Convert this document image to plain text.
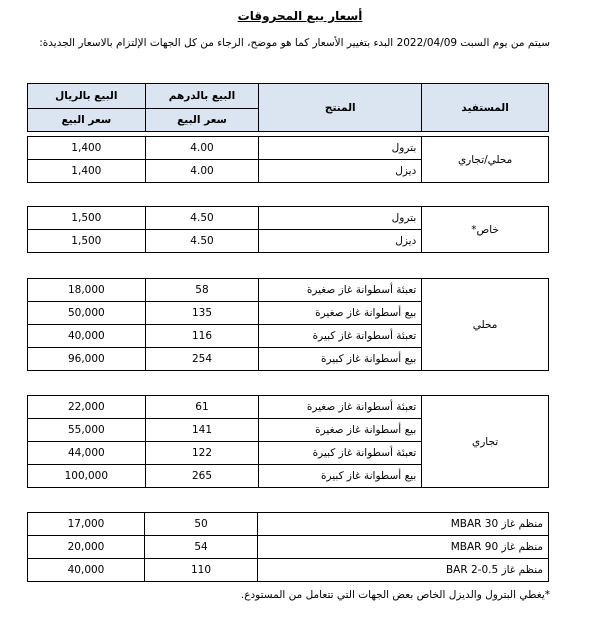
أسعار بيع المحروقات
سيتم من يوم السبت 2022/04/09 البدء بتغيير الأسعار كما هو موضح، الرجاء من كل الجهات الإلتزام بالاسعار الجديدة:
البيع بالريال	البيع بالدرهم	المنتج	المستفيد
سعر البيع	سعر البيع		
1,400	4.00	بترول	محلي/تجاري
1,400	4.00	ديزل	
1,500	4.50	بترول	خاص*
1,500	4.50	ديزل	
18,000	58	تعبئة أسطوانة غاز صغيرة	محلي
50,000	135	بيع أسطوانة غاز صغيرة	
40,000	116	تعبئة أسطوانة غاز كبيرة	
96,000	254	بيع أسطوانة غاز كبيرة	
22,000	61	تعبئة أسطوانة غاز صغيرة	تجاري
55,000	141	بيع أسطوانة غاز صغيرة	
44,000	122	تعبئة أسطوانة غاز كبيرة	
100,000	265	بيع أسطوانة غاز كبيرة	
17,000	50	منظم غاز MBAR 30
20,000	54	منظم غاز MBAR 90
40,000	110	منظم غاز BAR 2-0.5
*يغطي البترول والديزل الخاص بعض الجهات التي تتعامل من المستودع.
